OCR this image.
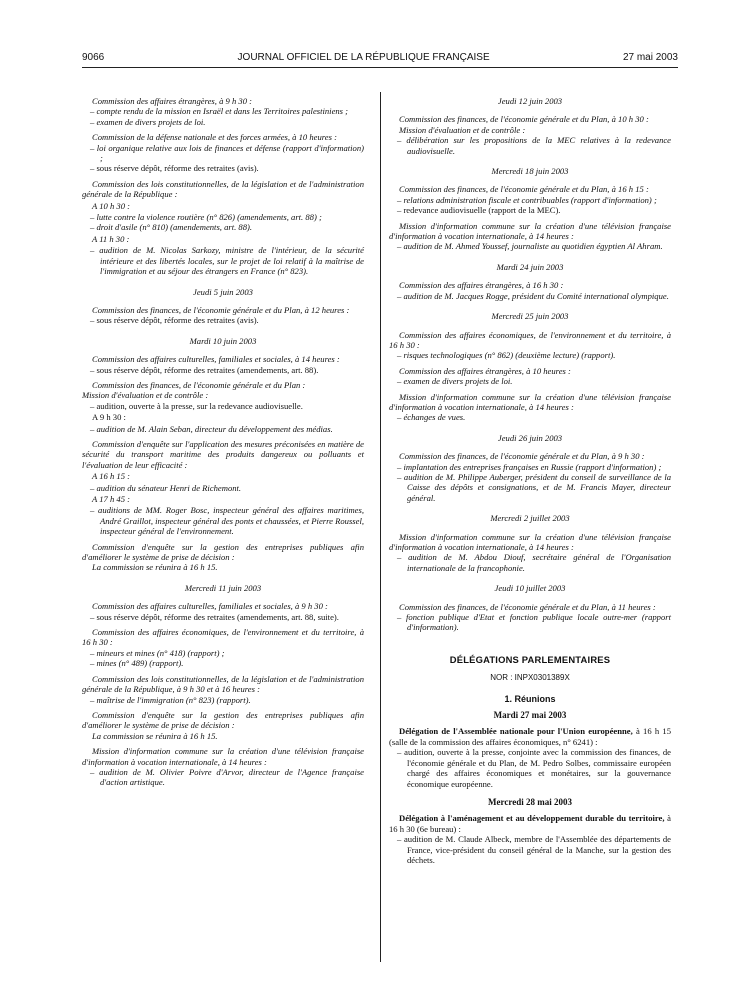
9066	JOURNAL OFFICIEL DE LA RÉPUBLIQUE FRANÇAISE	27 mai 2003
Commission des affaires étrangères, à 9 h 30 :
– compte rendu de la mission en Israël et dans les Territoires palestiniens ;
– examen de divers projets de loi.
Commission de la défense nationale et des forces armées, à 10 heures :
– loi organique relative aux lois de finances et défense (rapport d'information) ;
– sous réserve dépôt, réforme des retraites (avis).
Commission des lois constitutionnelles, de la législation et de l'administration générale de la République :
A 10 h 30 :
– lutte contre la violence routière (n° 826) (amendements, art. 88) ;
– droit d'asile (n° 810) (amendements, art. 88).
A 11 h 30 :
– audition de M. Nicolas Sarkozy, ministre de l'intérieur, de la sécurité intérieure et des libertés locales, sur le projet de loi relatif à la maîtrise de l'immigration et au séjour des étrangers en France (n° 823).
Jeudi 5 juin 2003
Commission des finances, de l'économie générale et du Plan, à 12 heures :
– sous réserve dépôt, réforme des retraites (avis).
Mardi 10 juin 2003
Commission des affaires culturelles, familiales et sociales, à 14 heures :
– sous réserve dépôt, réforme des retraites (amendements, art. 88).
Commission des finances, de l'économie générale et du Plan :
Mission d'évaluation et de contrôle :
– audition, ouverte à la presse, sur la redevance audiovisuelle.
A 9 h 30 :
– audition de M. Alain Seban, directeur du développement des médias.
Commission d'enquête sur l'application des mesures préconisées en matière de sécurité du transport maritime des produits dangereux ou polluants et l'évaluation de leur efficacité :
A 16 h 15 :
– audition du sénateur Henri de Richemont.
A 17 h 45 :
– auditions de MM. Roger Bosc, inspecteur général des affaires maritimes, André Graillot, inspecteur général des ponts et chaussées, et Pierre Roussel, inspecteur général de l'environnement.
Commission d'enquête sur la gestion des entreprises publiques afin d'améliorer le système de prise de décision :
La commission se réunira à 16 h 15.
Mercredi 11 juin 2003
Commission des affaires culturelles, familiales et sociales, à 9 h 30 :
– sous réserve dépôt, réforme des retraites (amendements, art. 88, suite).
Commission des affaires économiques, de l'environnement et du territoire, à 16 h 30 :
– mineurs et mines (n° 418) (rapport) ;
– mines (n° 489) (rapport).
Commission des lois constitutionnelles, de la législation et de l'administration générale de la République, à 9 h 30 et à 16 heures :
– maîtrise de l'immigration (n° 823) (rapport).
Commission d'enquête sur la gestion des entreprises publiques afin d'améliorer le système de prise de décision :
La commission se réunira à 16 h 15.
Mission d'information commune sur la création d'une télévision française d'information à vocation internationale, à 14 heures :
– audition de M. Olivier Poivre d'Arvor, directeur de l'Agence française d'action artistique.
Jeudi 12 juin 2003
Commission des finances, de l'économie générale et du Plan, à 10 h 30 :
Mission d'évaluation et de contrôle :
– délibération sur les propositions de la MEC relatives à la redevance audiovisuelle.
Mercredi 18 juin 2003
Commission des finances, de l'économie générale et du Plan, à 16 h 15 :
– relations administration fiscale et contribuables (rapport d'information) ;
– redevance audiovisuelle (rapport de la MEC).
Mission d'information commune sur la création d'une télévision française d'information à vocation internationale, à 14 heures :
– audition de M. Ahmed Youssef, journaliste au quotidien égyptien Al Ahram.
Mardi 24 juin 2003
Commission des affaires étrangères, à 16 h 30 :
– audition de M. Jacques Rogge, président du Comité international olympique.
Mercredi 25 juin 2003
Commission des affaires économiques, de l'environnement et du territoire, à 16 h 30 :
– risques technologiques (n° 862) (deuxième lecture) (rapport).
Commission des affaires étrangères, à 10 heures :
– examen de divers projets de loi.
Mission d'information commune sur la création d'une télévision française d'information à vocation internationale, à 14 heures :
– échanges de vues.
Jeudi 26 juin 2003
Commission des finances, de l'économie générale et du Plan, à 9 h 30 :
– implantation des entreprises françaises en Russie (rapport d'information) ;
– audition de M. Philippe Auberger, président du conseil de surveillance de la Caisse des dépôts et consignations, et de M. Francis Mayer, directeur général.
Mercredi 2 juillet 2003
Mission d'information commune sur la création d'une télévision française d'information à vocation internationale, à 14 heures :
– audition de M. Abdou Diouf, secrétaire général de l'Organisation internationale de la francophonie.
Jeudi 10 juillet 2003
Commission des finances, de l'économie générale et du Plan, à 11 heures :
– fonction publique d'Etat et fonction publique locale outre-mer (rapport d'information).
DÉLÉGATIONS PARLEMENTAIRES
NOR : INPX0301389X
1. Réunions
Mardi 27 mai 2003
Délégation de l'Assemblée nationale pour l'Union européenne, à 16 h 15 (salle de la commission des affaires économiques, n° 6241) :
– audition, ouverte à la presse, conjointe avec la commission des finances, de l'économie générale et du Plan, de M. Pedro Solbes, commissaire européen chargé des affaires économiques et monétaires, sur la gouvernance économique européenne.
Mercredi 28 mai 2003
Délégation à l'aménagement et au développement durable du territoire, à 16 h 30 (6e bureau) :
– audition de M. Claude Albeck, membre de l'Assemblée des départements de France, vice-président du conseil général de la Manche, sur la gestion des déchets.
